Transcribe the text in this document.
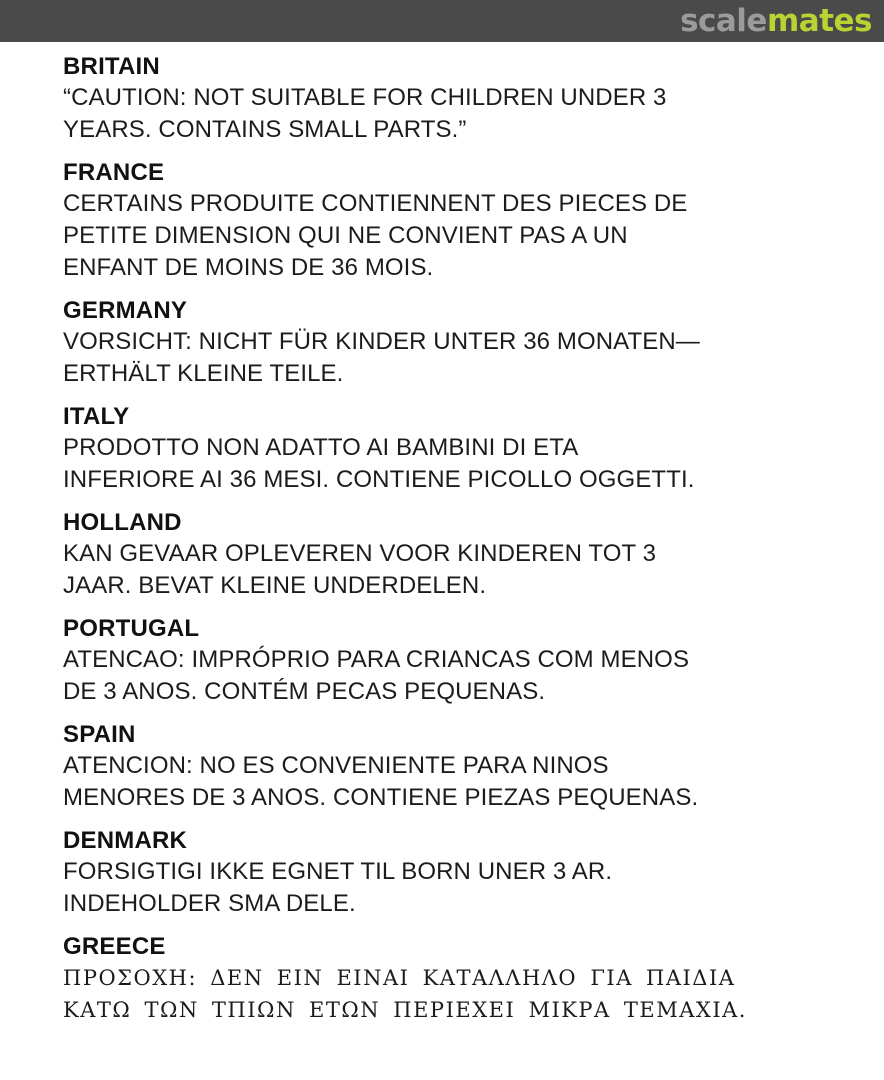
scalemates
BRITAIN
“CAUTION: NOT SUITABLE FOR CHILDREN UNDER 3
YEARS. CONTAINS SMALL PARTS.”
FRANCE
CERTAINS PRODUITE CONTIENNENT DES PIECES DE
PETITE DIMENSION QUI NE CONVIENT PAS A UN
ENFANT DE MOINS DE 36 MOIS.
GERMANY
VORSICHT: NICHT FÜR KINDER UNTER 36 MONATEN—
ERTHÄLT KLEINE TEILE.
ITALY
PRODOTTO NON ADATTO AI BAMBINI DI ETA
INFERIORE AI 36 MESI. CONTIENE PICOLLO OGGETTI.
HOLLAND
KAN GEVAAR OPLEVEREN VOOR KINDEREN TOT 3
JAAR. BEVAT KLEINE UNDERDELEN.
PORTUGAL
ATENCAO: IMPRÓPRIO PARA CRIANCAS COM MENOS
DE 3 ANOS. CONTÉM PECAS PEQUENAS.
SPAIN
ATENCION: NO ES CONVENIENTE PARA NINOS
MENORES DE 3 ANOS. CONTIENE PIEZAS PEQUENAS.
DENMARK
FORSIGTIGI IKKE EGNET TIL BORN UNER 3 AR.
INDEHOLDER SMA DELE.
GREECE
ΠΡΟΣΟΧΗ: ΔΕΝ ΕΙΝ ΕΙΝΑΙ ΚΑΤΑΛΛΗΛΟ ΓΙΑ ΠΑΙΔΙΑ
ΚΑΤΩ ΤΩΝ ΤΠΙΩΝ ΕΤΩΝ ΠΕΡΙΕΧΕΙ ΜΙΚΡΑ ΤΕΜΑΧΙΑ.
